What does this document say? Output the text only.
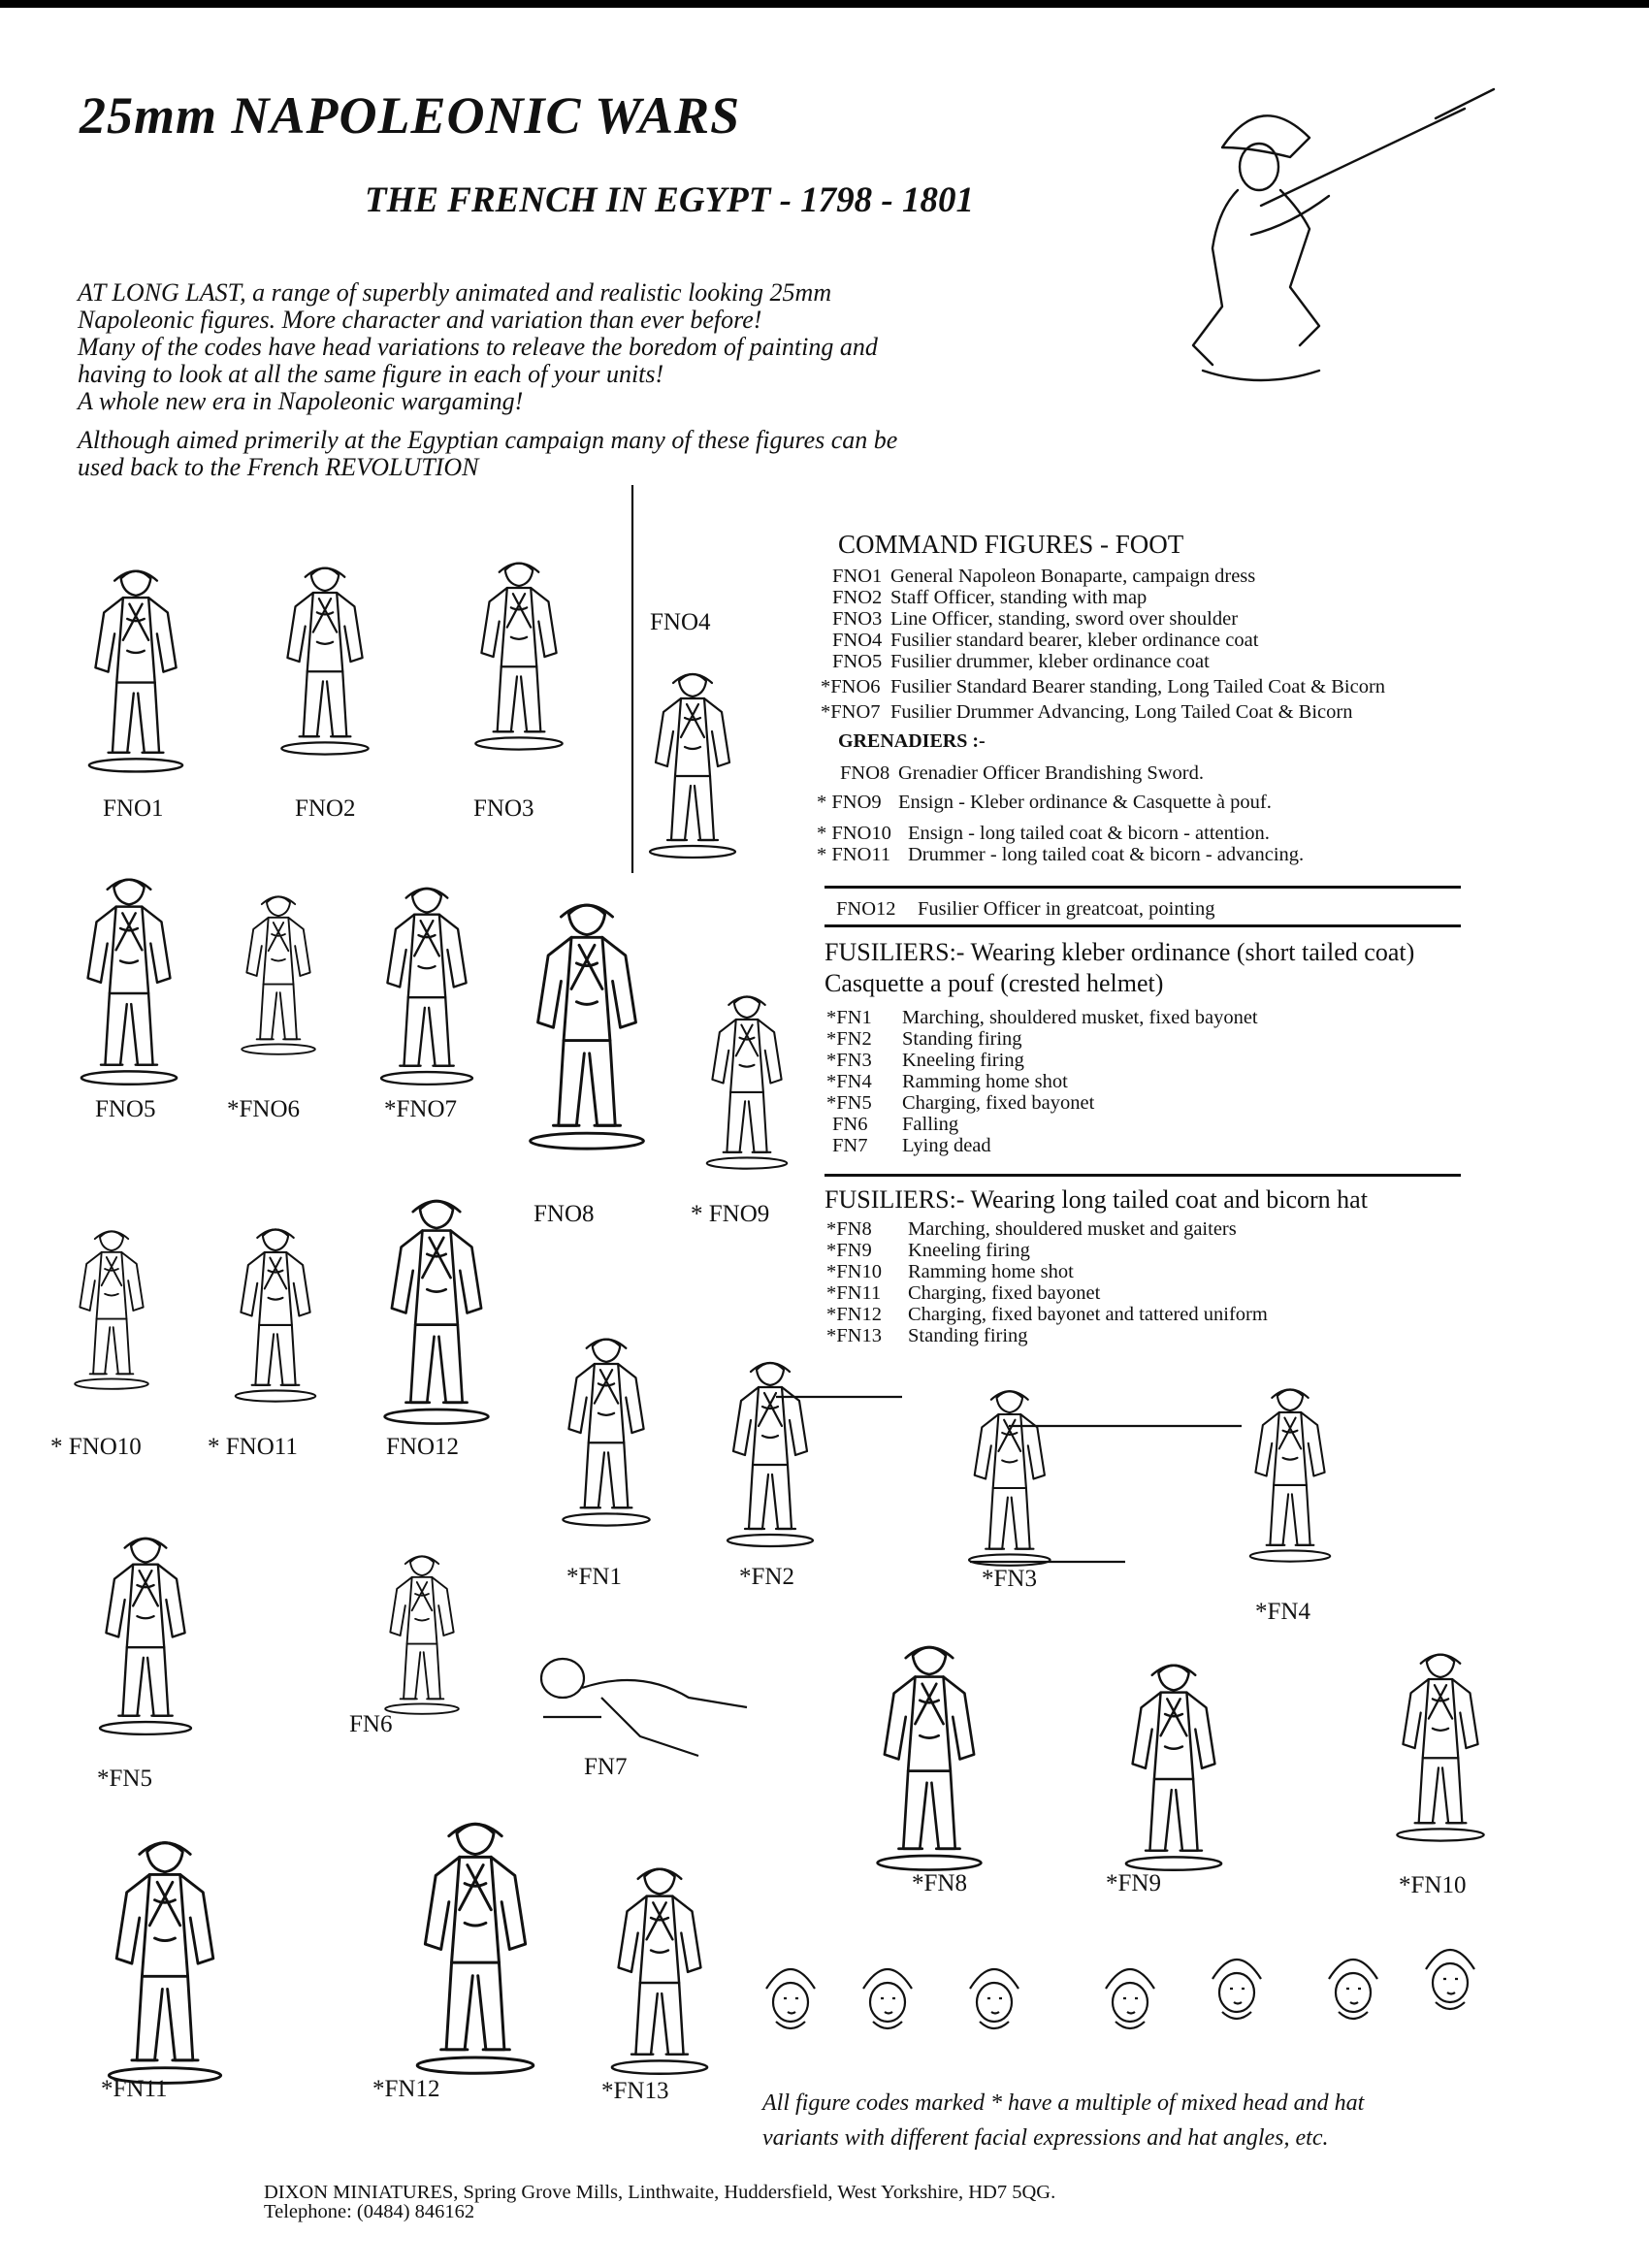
25mm NAPOLEONIC WARS
THE FRENCH IN EGYPT - 1798 - 1801
AT LONG LAST, a range of superbly animated and realistic looking 25mm
Napoleonic figures. More character and variation than ever before!
Many of the codes have head variations to releave the boredom of painting and
having to look at all the same figure in each of your units!
A whole new era in Napoleonic wargaming!
Although aimed primerily at the Egyptian campaign many of these figures can be
used back to the French REVOLUTION
COMMAND FIGURES - FOOT
FNO1 General Napoleon Bonaparte, campaign dress
FNO2 Staff Officer, standing with map
FNO3 Line Officer, standing, sword over shoulder
FNO4 Fusilier standard bearer, kleber ordinance coat
FNO5 Fusilier drummer, kleber ordinance coat
*FNO6 Fusilier Standard Bearer standing, Long Tailed Coat & Bicorn
*FNO7 Fusilier Drummer Advancing, Long Tailed Coat & Bicorn
GRENADIERS :-
FNO8 Grenadier Officer Brandishing Sword.
* FNO9 Ensign - Kleber ordinance & Casquette à pouf.
* FNO10 Ensign - long tailed coat & bicorn - attention.
* FNO11 Drummer - long tailed coat & bicorn - advancing.
FNO12	Fusilier Officer in greatcoat, pointing
FUSILIERS:- Wearing kleber ordinance (short tailed coat)
Casquette a pouf (crested helmet)
*FN1	Marching, shouldered musket, fixed bayonet
*FN2	Standing firing
*FN3	Kneeling firing
*FN4	Ramming home shot
*FN5	Charging, fixed bayonet
FN6	Falling
FN7	Lying dead
FUSILIERS:- Wearing long tailed coat and bicorn hat
*FN8	Marching, shouldered musket and gaiters
*FN9	Kneeling firing
*FN10	Ramming home shot
*FN11	Charging, fixed bayonet
*FN12	Charging, fixed bayonet and tattered uniform
*FN13	Standing firing
FNO1	FNO2	FNO3
FNO4
FNO5	*FNO6	*FNO7
FNO8	* FNO9
* FNO10	* FNO11	FNO12
*FN1	*FN2	*FN3
*FN4
*FN5
FN6
FN7
*FN8	*FN9	*FN10
*FN11	*FN12	*FN13	All figure codes marked * have a multiple of mixed head and hat
variants with different facial expressions and hat angles, etc.
DIXON MINIATURES, Spring Grove Mills, Linthwaite, Huddersfield, West Yorkshire, HD7 5QG.
Telephone: (0484) 846162
